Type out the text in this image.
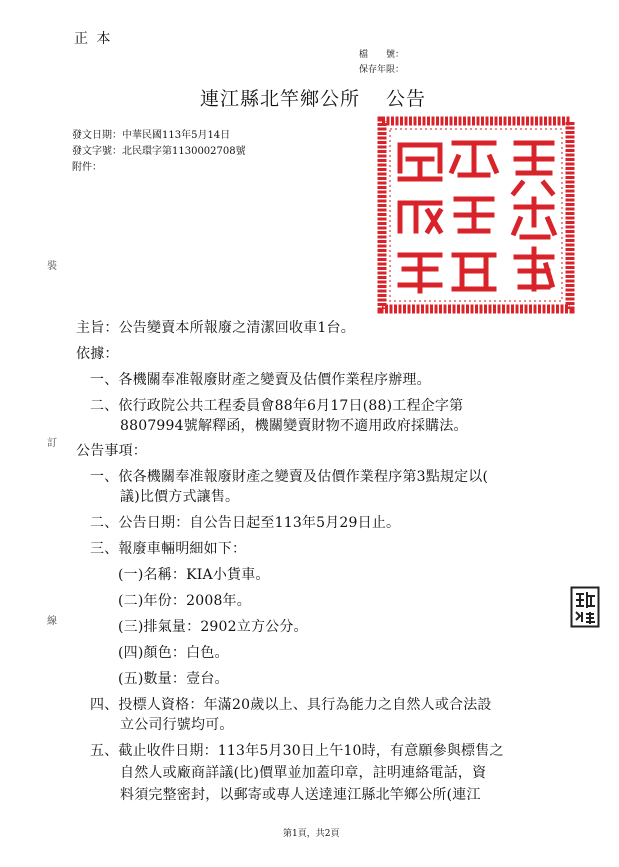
正 本
檔　　號：
保存年限：
連江縣北竿鄉公所 公告
發文日期：中華民國113年5月14日
發文字號：北民環字第1130002708號
附件：
裝
訂
線
主旨：公告變賣本所報廢之清潔回收車1台。
依據：
一、各機關奉准報廢財產之變賣及估價作業程序辦理。
二、依行政院公共工程委員會88年6月17日(88)工程企字第
8807994號解釋函，機關變賣財物不適用政府採購法。
公告事項：
一、依各機關奉准報廢財產之變賣及估價作業程序第3點規定以(
議)比價方式讓售。
二、公告日期：自公告日起至113年5月29日止。
三、報廢車輛明細如下：
(一)名稱：KIA小貨車。
(二)年份：2008年。
(三)排氣量：2902立方公分。
(四)顏色：白色。
(五)數量：壹台。
四、投標人資格：年滿20歲以上、具行為能力之自然人或合法設
立公司行號均可。
五、截止收件日期：113年5月30日上午10時，有意願參與標售之
自然人或廠商詳議(比)價單並加蓋印章，註明連絡電話，資
料須完整密封，以郵寄或專人送達連江縣北竿鄉公所(連江
第1頁，共2頁
